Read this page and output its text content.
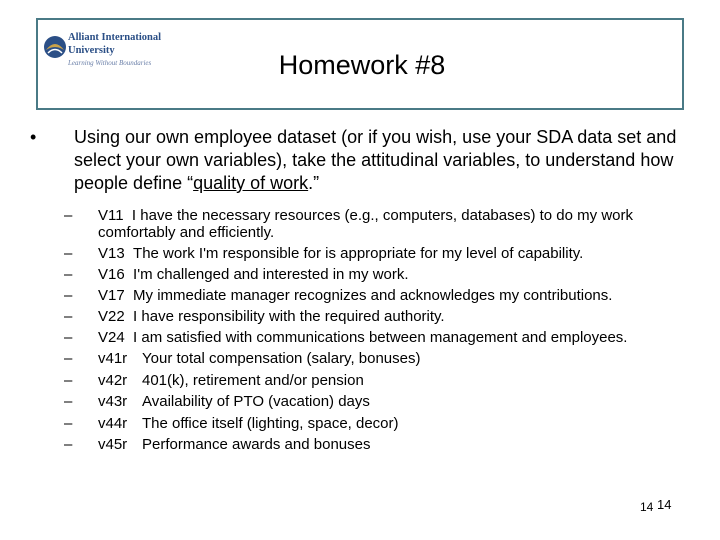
Alliant International
University
Learning Without Boundaries	Homework #8
• Using our own employee dataset (or if you wish, use your SDA data set and select your own variables), take the attitudinal variables, to understand how people define “quality of work.”
– V11 I have the necessary resources (e.g., computers, databases) to do my work comfortably and efficiently.
– V13 The work I'm responsible for is appropriate for my level of capability.
– V16 I'm challenged and interested in my work.
– V17 My immediate manager recognizes and acknowledges my contributions.
– V22 I have responsibility with the required authority.
– V24 I am satisfied with communications between management and employees.
– v41r Your total compensation (salary, bonuses)
– v42r 401(k), retirement and/or pension
– v43r Availability of PTO (vacation) days
– v44r The office itself (lighting, space, decor)
– v45r Performance awards and bonuses
14 14
